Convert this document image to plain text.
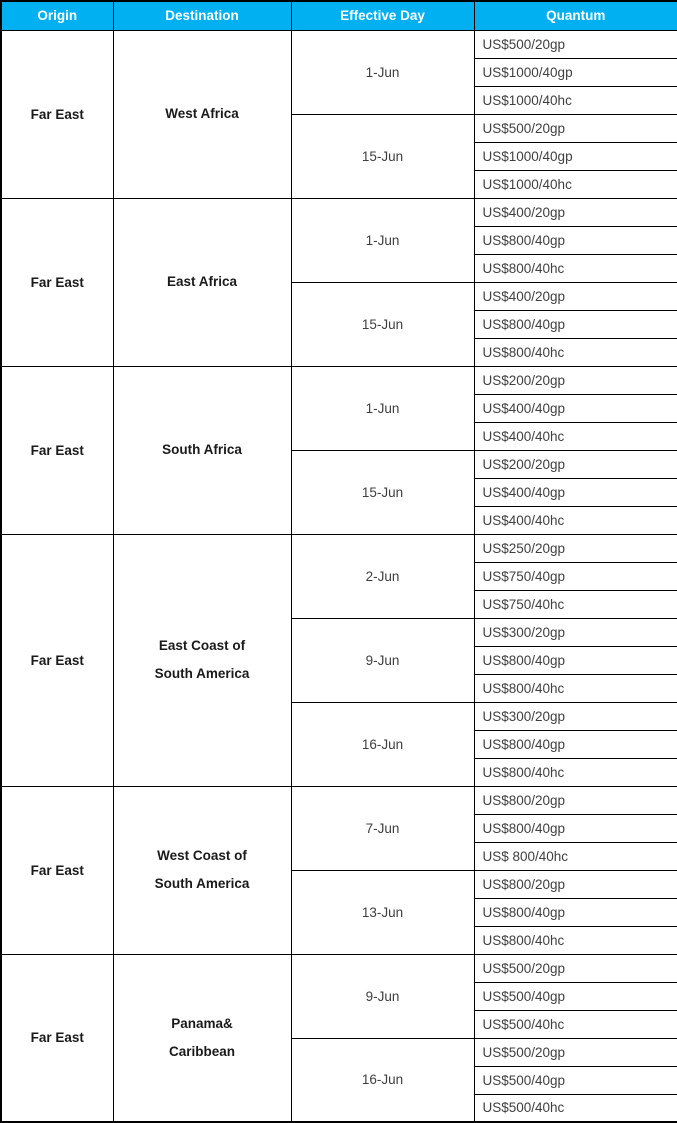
Origin	Destination	Effective Day	Quantum
Far East	West Africa	1-Jun	US$500/20gp
			US$1000/40gp
			US$1000/40hc
		15-Jun	US$500/20gp
			US$1000/40gp
			US$1000/40hc
Far East	East Africa	1-Jun	US$400/20gp
			US$800/40gp
			US$800/40hc
		15-Jun	US$400/20gp
			US$800/40gp
			US$800/40hc
Far East	South Africa	1-Jun	US$200/20gp
			US$400/40gp
			US$400/40hc
		15-Jun	US$200/20gp
			US$400/40gp
			US$400/40hc
Far East	East Coast of
South America	2-Jun	US$250/20gp
			US$750/40gp
			US$750/40hc
		9-Jun	US$300/20gp
			US$800/40gp
			US$800/40hc
		16-Jun	US$300/20gp
			US$800/40gp
			US$800/40hc
Far East	West Coast of
South America	7-Jun	US$800/20gp
			US$800/40gp
			US$ 800/40hc
		13-Jun	US$800/20gp
			US$800/40gp
			US$800/40hc
Far East	Panama&
Caribbean	9-Jun	US$500/20gp
			US$500/40gp
			US$500/40hc
		16-Jun	US$500/20gp
			US$500/40gp
			US$500/40hc
